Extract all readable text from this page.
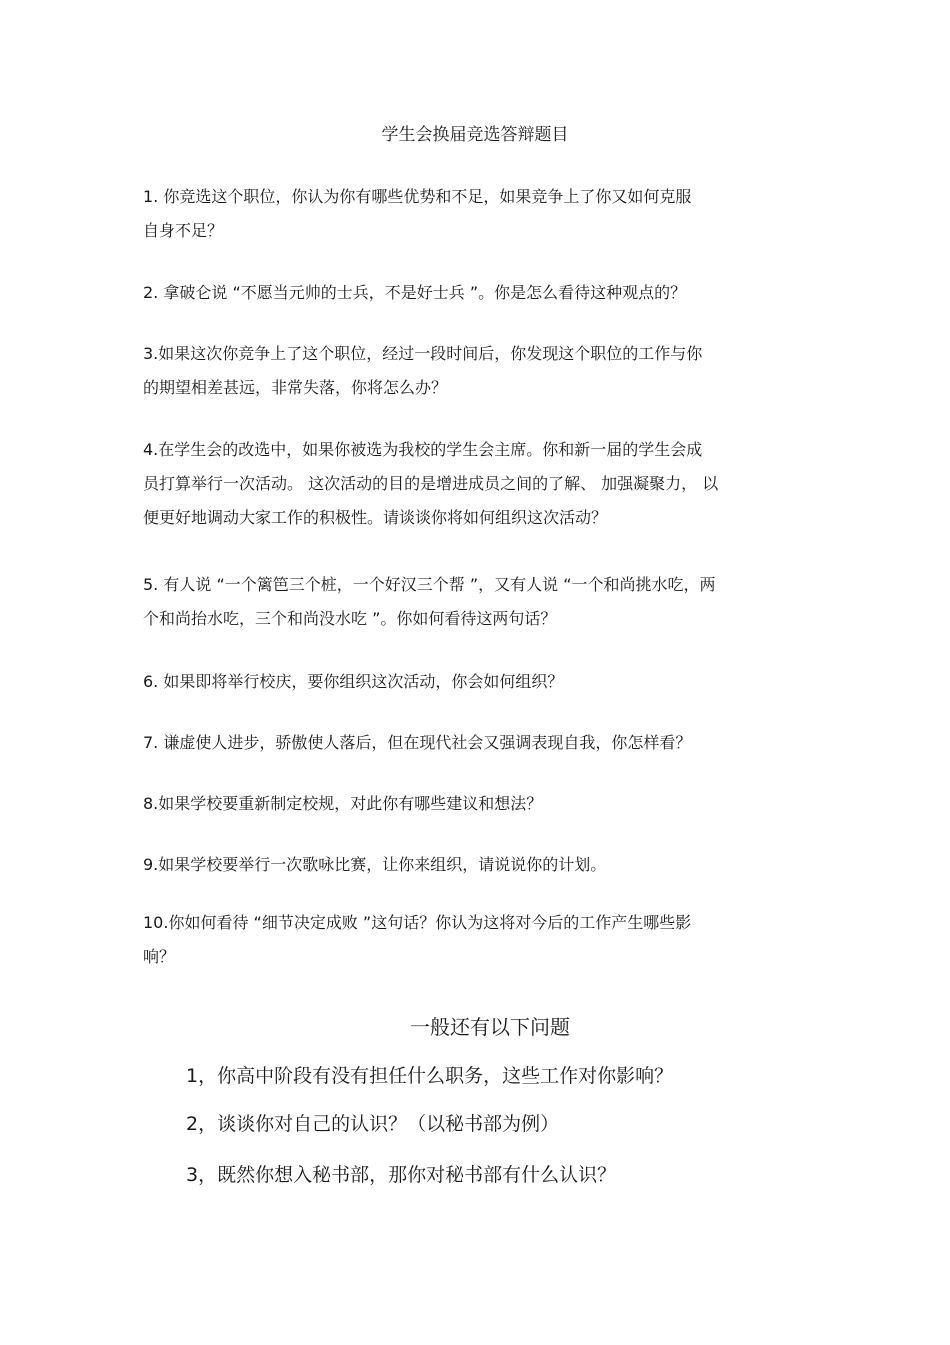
学生会换届竞选答辩题目
1. 你竞选这个职位，你认为你有哪些优势和不足，如果竞争上了你又如何克服
自身不足？
2. 拿破仑说 “不愿当元帅的士兵，不是好士兵 ”。你是怎么看待这种观点的？
3.如果这次你竞争上了这个职位，经过一段时间后，你发现这个职位的工作与你
的期望相差甚远，非常失落，你将怎么办？
4.在学生会的改选中，如果你被选为我校的学生会主席。你和新一届的学生会成
员打算举行一次活动。 这次活动的目的是增进成员之间的了解、 加强凝聚力， 以
便更好地调动大家工作的积极性。请谈谈你将如何组织这次活动？
5. 有人说 “一个篱笆三个桩，一个好汉三个帮 ”，又有人说 “一个和尚挑水吃，两
个和尚抬水吃，三个和尚没水吃 ”。你如何看待这两句话？
6. 如果即将举行校庆，要你组织这次活动，你会如何组织？
7. 谦虚使人进步，骄傲使人落后，但在现代社会又强调表现自我，你怎样看？
8.如果学校要重新制定校规，对此你有哪些建议和想法？
9.如果学校要举行一次歌咏比赛，让你来组织，请说说你的计划。
10.你如何看待 “细节决定成败 ”这句话？你认为这将对今后的工作产生哪些影
响？
一般还有以下问题
1，你高中阶段有没有担任什么职务，这些工作对你影响？
2，谈谈你对自己的认识？（以秘书部为例）
3，既然你想入秘书部，那你对秘书部有什么认识？
